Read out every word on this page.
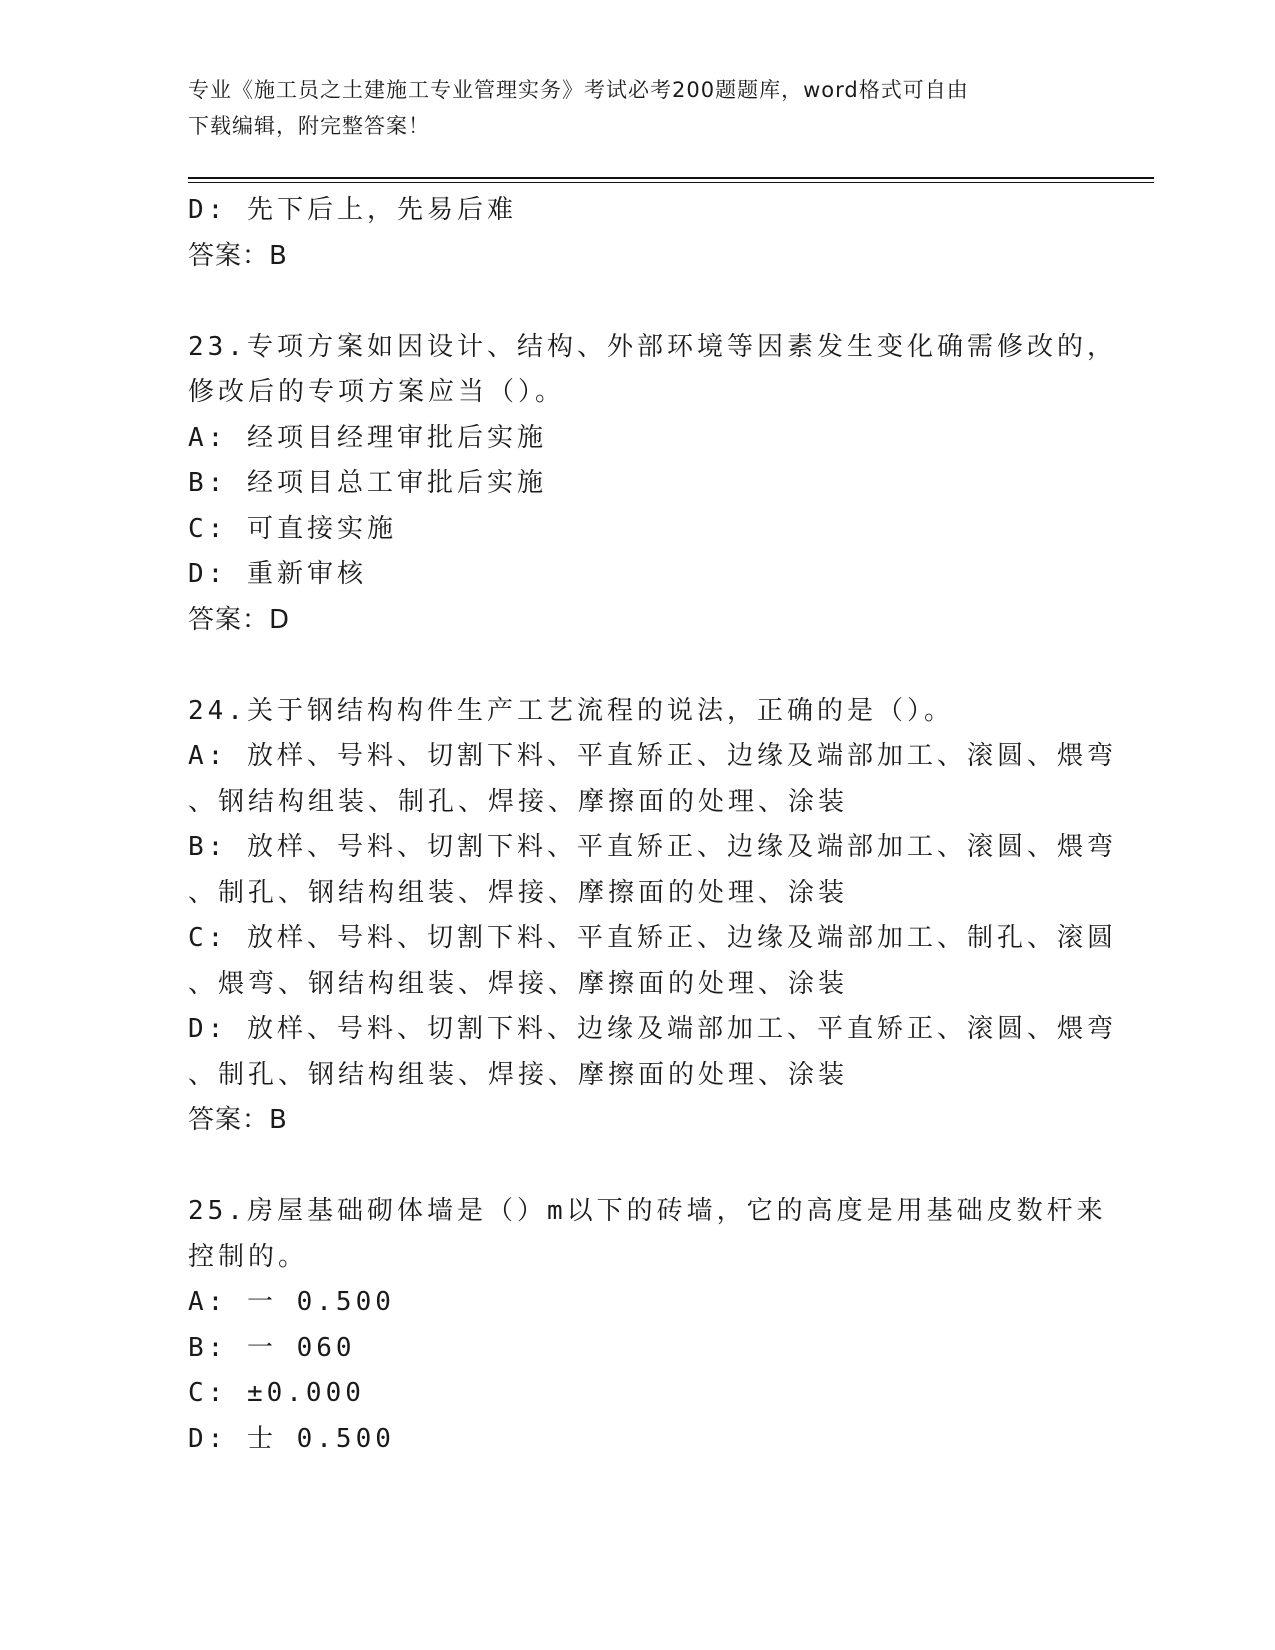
专业《施工员之土建施工专业管理实务》考试必考200题题库，word格式可自由
下载编辑，附完整答案！
D: 先下后上，先易后难
答案：B
23.专项方案如因设计、结构、外部环境等因素发生变化确需修改的，
修改后的专项方案应当（）。
A: 经项目经理审批后实施
B: 经项目总工审批后实施
C: 可直接实施
D: 重新审核
答案：D
24.关于钢结构构件生产工艺流程的说法，正确的是（）。
A: 放样、号料、切割下料、平直矫正、边缘及端部加工、滚圆、煨弯
、钢结构组装、制孔、焊接、摩擦面的处理、涂装
B: 放样、号料、切割下料、平直矫正、边缘及端部加工、滚圆、煨弯
、制孔、钢结构组装、焊接、摩擦面的处理、涂装
C: 放样、号料、切割下料、平直矫正、边缘及端部加工、制孔、滚圆
、煨弯、钢结构组装、焊接、摩擦面的处理、涂装
D: 放样、号料、切割下料、边缘及端部加工、平直矫正、滚圆、煨弯
、制孔、钢结构组装、焊接、摩擦面的处理、涂装
答案：B
25.房屋基础砌体墙是（）m以下的砖墙，它的高度是用基础皮数杆来
控制的。
A: 一 0.500
B: 一 060
C: ±0.000
D: 士 0.500
